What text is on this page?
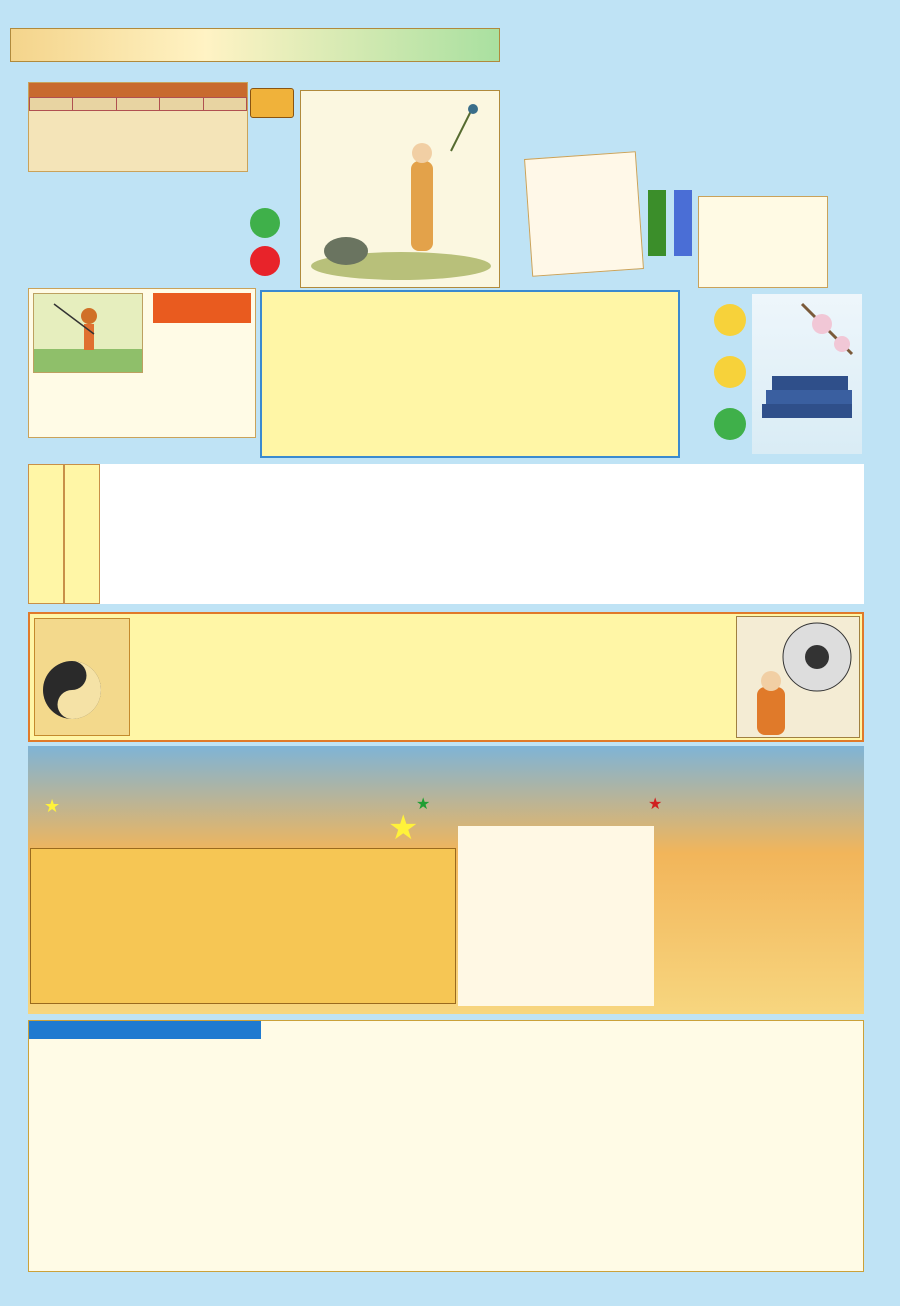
★
★	★	★
